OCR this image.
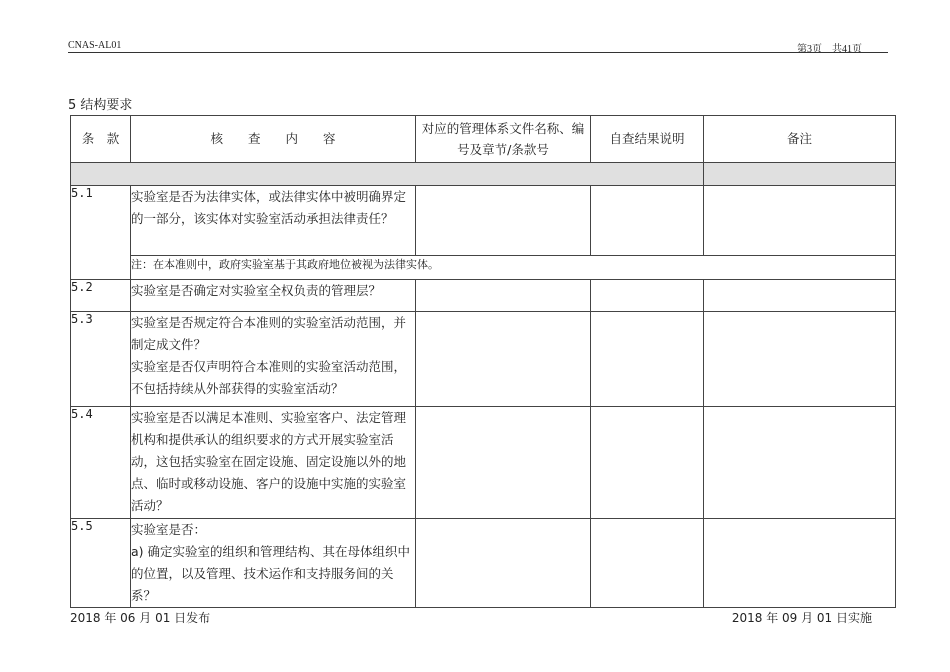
CNAS-AL01	第3页　共41页
5 结构要求
条　款	核　　查　　内　　容	对应的管理体系文件名称、编号及章节/条款号	自查结果说明	备注

5.1	实验室是否为法律实体，或法律实体中被明确界定的一部分，该实体对实验室活动承担法律责任？			
	注：在本准则中，政府实验室基于其政府地位被视为法律实体。			
5.2	实验室是否确定对实验室全权负责的管理层？			
5.3	实验室是否规定符合本准则的实验室活动范围，并制定成文件？
实验室是否仅声明符合本准则的实验室活动范围，不包括持续从外部获得的实验室活动？			
5.4	实验室是否以满足本准则、实验室客户、法定管理机构和提供承认的组织要求的方式开展实验室活动，这包括实验室在固定设施、固定设施以外的地点、临时或移动设施、客户的设施中实施的实验室活动？			
5.5	实验室是否：
a) 确定实验室的组织和管理结构、其在母体组织中的位置，以及管理、技术运作和支持服务间的关系？			
2018 年 06 月 01 日发布	2018 年 09 月 01 日实施
